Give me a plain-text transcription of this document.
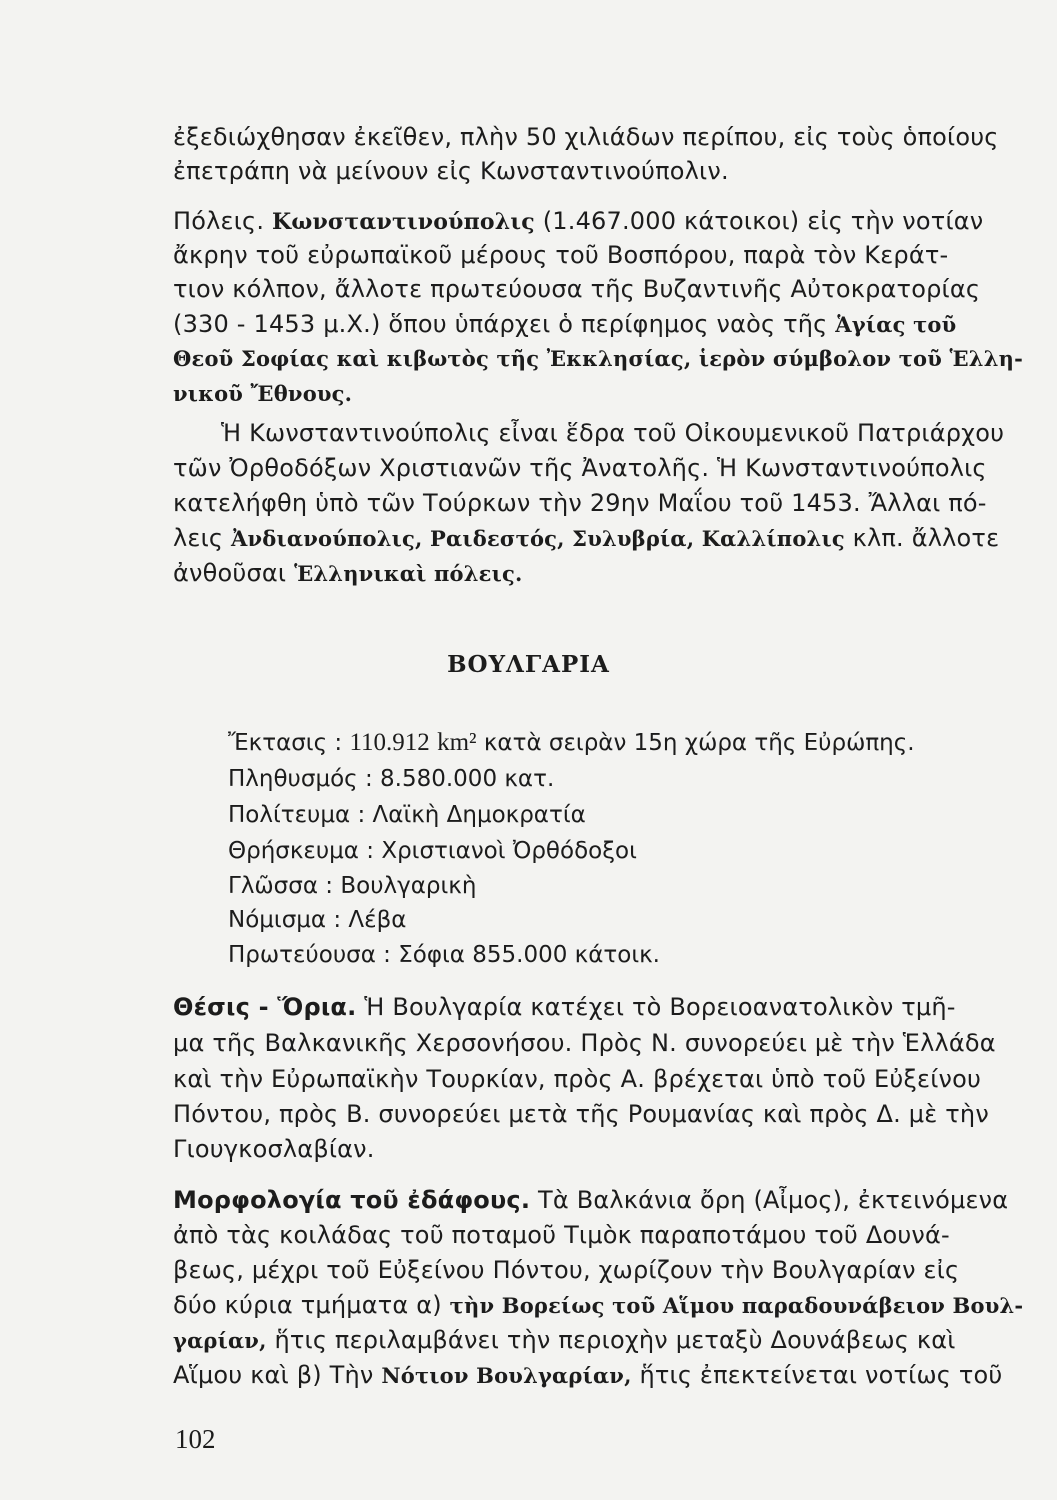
ἐξεδιώχθησαν ἐκεῖθεν, πλὴν 50 χιλιάδων περίπου, εἰς τοὺς ὁποίους
ἐπετράπη νὰ μείνουν εἰς Κωνσταντινούπολιν.
Πόλεις. Κωνσταντινούπολις (1.467.000 κάτοικοι) εἰς τὴν νοτίαν
ἄκρην τοῦ εὐρωπαϊκοῦ μέρους τοῦ Βοσπόρου, παρὰ τὸν Κεράτ-
τιον κόλπον, ἄλλοτε πρωτεύουσα τῆς Βυζαντινῆς Αὐτοκρατορίας
(330 - 1453 μ.Χ.) ὅπου ὑπάρχει ὁ περίφημος ναὸς τῆς Ἁγίας τοῦ
Θεοῦ Σοφίας καὶ κιβωτὸς τῆς Ἐκκλησίας, ἱερὸν σύμβολον τοῦ Ἑλλη-
νικοῦ Ἔθνους.
Ἡ Κωνσταντινούπολις εἶναι ἕδρα τοῦ Οἰκουμενικοῦ Πατριάρχου
τῶν Ὀρθοδόξων Χριστιανῶν τῆς Ἀνατολῆς. Ἡ Κωνσταντινούπολις
κατελήφθη ὑπὸ τῶν Τούρκων τὴν 29ην Μαΐου τοῦ 1453. Ἄλλαι πό-
λεις Ἀνδιανούπολις, Ραιδεστός, Συλυβρία, Καλλίπολις κλπ. ἄλλοτε
ἀνθοῦσαι Ἑλληνικαὶ πόλεις.
ΒΟΥΛΓΑΡΙΑ
Ἔκτασις : 110.912 km² κατὰ σειρὰν 15η χώρα τῆς Εὐρώπης.
Πληθυσμός : 8.580.000 κατ.
Πολίτευμα : Λαϊκὴ Δημοκρατία
Θρήσκευμα : Χριστιανοὶ Ὀρθόδοξοι
Γλῶσσα : Βουλγαρικὴ
Νόμισμα : Λέβα
Πρωτεύουσα : Σόφια 855.000 κάτοικ.
Θέσις - Ὅρια. Ἡ Βουλγαρία κατέχει τὸ Βορειοανατολικὸν τμῆ-
μα τῆς Βαλκανικῆς Χερσονήσου. Πρὸς Ν. συνορεύει μὲ τὴν Ἑλλάδα
καὶ τὴν Εὐρωπαϊκὴν Τουρκίαν, πρὸς Α. βρέχεται ὑπὸ τοῦ Εὐξείνου
Πόντου, πρὸς Β. συνορεύει μετὰ τῆς Ρουμανίας καὶ πρὸς Δ. μὲ τὴν
Γιουγκοσλαβίαν.
Μορφολογία τοῦ ἐδάφους. Τὰ Βαλκάνια ὄρη (Αἶμος), ἐκτεινόμενα
ἀπὸ τὰς κοιλάδας τοῦ ποταμοῦ Τιμὸκ παραποτάμου τοῦ Δουνά-
βεως, μέχρι τοῦ Εὐξείνου Πόντου, χωρίζουν τὴν Βουλγαρίαν εἰς
δύο κύρια τμήματα α) τὴν Βορείως τοῦ Αἵμου παραδουνάβειον Βουλ-
γαρίαν, ἥτις περιλαμβάνει τὴν περιοχὴν μεταξὺ Δουνάβεως καὶ
Αἵμου καὶ β) Τὴν Νότιον Βουλγαρίαν, ἥτις ἐπεκτείνεται νοτίως τοῦ
102
